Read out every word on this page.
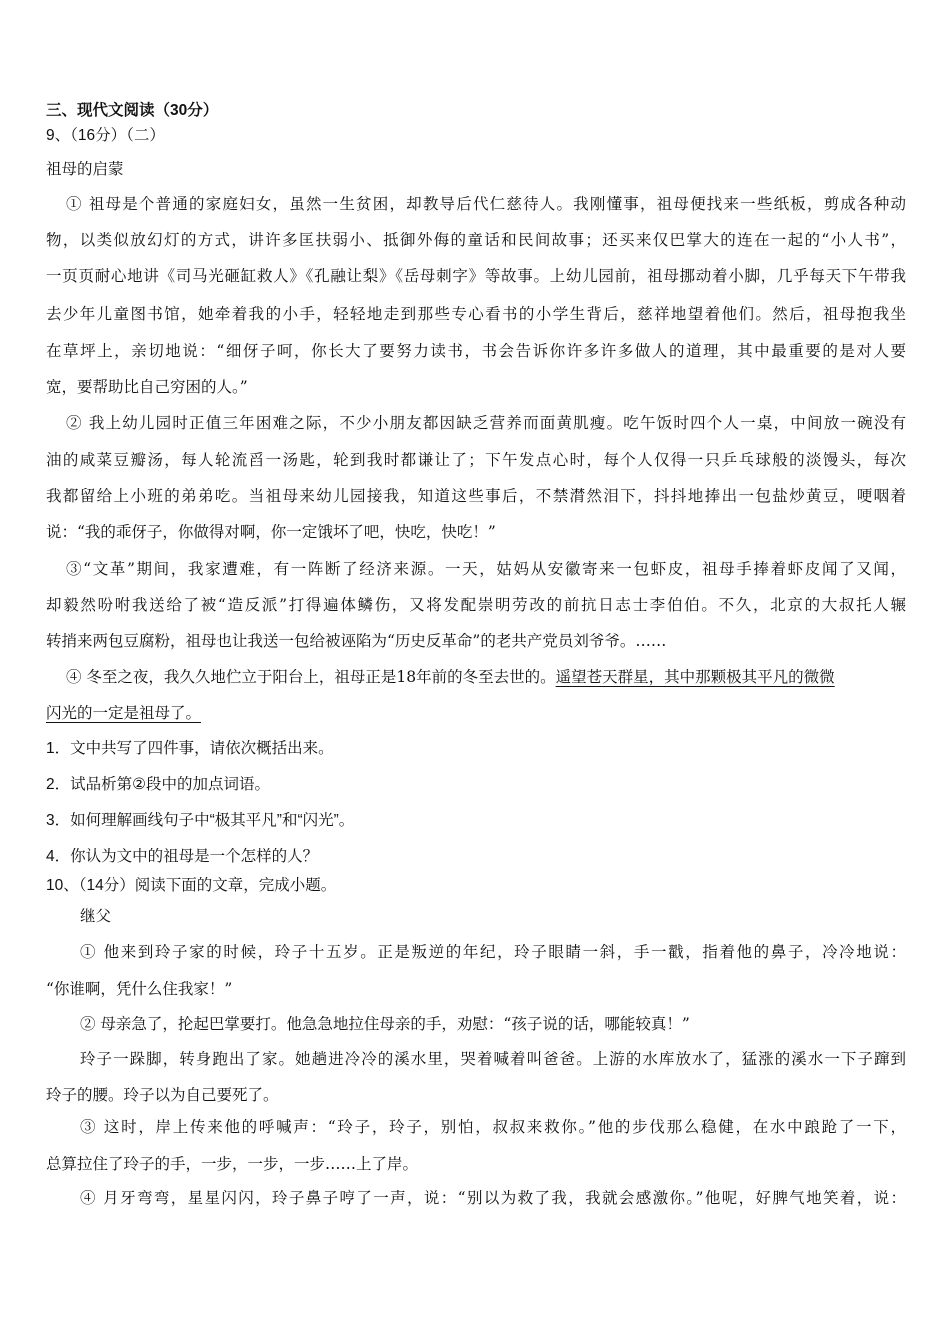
三、现代文阅读（30分）
9、（16分）（二）
祖母的启蒙
① 祖母是个普通的家庭妇女，虽然一生贫困，却教导后代仁慈待人。我刚懂事，祖母便找来一些纸板，剪成各种动
物，以类似放幻灯的方式，讲许多匡扶弱小、抵御外侮的童话和民间故事；还买来仅巴掌大的连在一起的“小人书”，
一页页耐心地讲《司马光砸缸救人》《孔融让梨》《岳母刺字》等故事。上幼儿园前，祖母挪动着小脚，几乎每天下午带我
去少年儿童图书馆，她牵着我的小手，轻轻地走到那些专心看书的小学生背后，慈祥地望着他们。然后，祖母抱我坐
在草坪上，亲切地说：“细伢子呵，你长大了要努力读书，书会告诉你许多许多做人的道理，其中最重要的是对人要
宽，要帮助比自己穷困的人。”
② 我上幼儿园时正值三年困难之际，不少小朋友都因缺乏营养而面黄肌瘦。吃午饭时四个人一桌，中间放一碗没有
油的咸菜豆瓣汤，每人轮流舀一汤匙，轮到我时都谦让了；下午发点心时，每个人仅得一只乒乓球般的淡馒头，每次
我都留给上小班的弟弟吃。当祖母来幼儿园接我，知道这些事后，不禁潸然泪下，抖抖地捧出一包盐炒黄豆，哽咽着
说：“我的乖伢子，你做得对啊，你一定饿坏了吧，快吃，快吃！”
③“文革”期间，我家遭难，有一阵断了经济来源。一天，姑妈从安徽寄来一包虾皮，祖母手捧着虾皮闻了又闻，
却毅然吩咐我送给了被“造反派”打得遍体鳞伤，又将发配崇明劳改的前抗日志士李伯伯。不久，北京的大叔托人辗
转捎来两包豆腐粉，祖母也让我送一包给被诬陷为“历史反革命”的老共产党员刘爷爷。……
④ 冬至之夜，我久久地伫立于阳台上，祖母正是18年前的冬至去世的。遥望苍天群星，其中那颗极其平凡的微微
闪光的一定是祖母了。
1．文中共写了四件事，请依次概括出来。
2．试品析第②段中的加点词语。
3．如何理解画线句子中“极其平凡”和“闪光”。
4．你认为文中的祖母是一个怎样的人？
10、（14分）阅读下面的文章，完成小题。
继父
① 他来到玲子家的时候，玲子十五岁。正是叛逆的年纪，玲子眼睛一斜，手一戳，指着他的鼻子，冷冷地说：
“你谁啊，凭什么住我家！”
② 母亲急了，抡起巴掌要打。他急急地拉住母亲的手，劝慰：“孩子说的话，哪能较真！”
玲子一跺脚，转身跑出了家。她趟进冷冷的溪水里，哭着喊着叫爸爸。上游的水库放水了，猛涨的溪水一下子蹿到
玲子的腰。玲子以为自己要死了。
③ 这时，岸上传来他的呼喊声：“玲子，玲子，别怕，叔叔来救你。”他的步伐那么稳健，在水中踉跄了一下，
总算拉住了玲子的手，一步，一步，一步……上了岸。
④ 月牙弯弯，星星闪闪，玲子鼻子哼了一声，说：“别以为救了我，我就会感激你。”他呢，好脾气地笑着，说：
